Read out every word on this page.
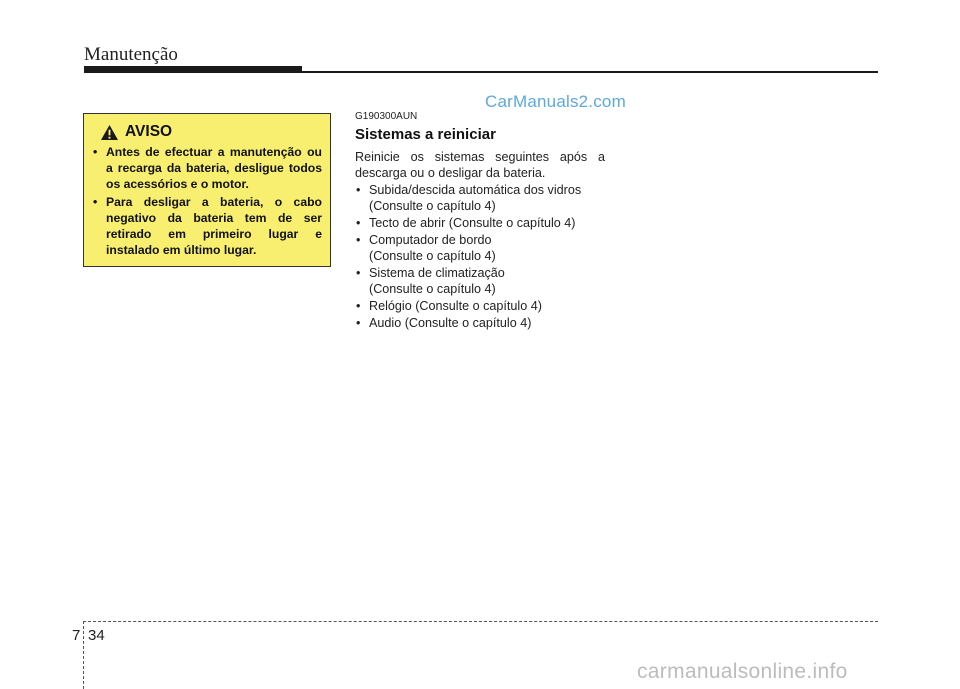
Manutenção
CarManuals2.com
AVISO
• Antes de efectuar a manutenção ou a recarga da bateria, desligue todos os acessórios e o motor.
• Para desligar a bateria, o cabo negativo da bateria tem de ser retirado em primeiro lugar e instalado em último lugar.
G190300AUN
Sistemas a reiniciar
Reinicie os sistemas seguintes após a descarga ou o desligar da bateria.
• Subida/descida automática dos vidros
(Consulte o capítulo 4)
• Tecto de abrir (Consulte o capítulo 4)
• Computador de bordo
(Consulte o capítulo 4)
• Sistema de climatização
(Consulte o capítulo 4)
• Relógio (Consulte o capítulo 4)
• Audio (Consulte o capítulo 4)
7 34
carmanualsonline.info
